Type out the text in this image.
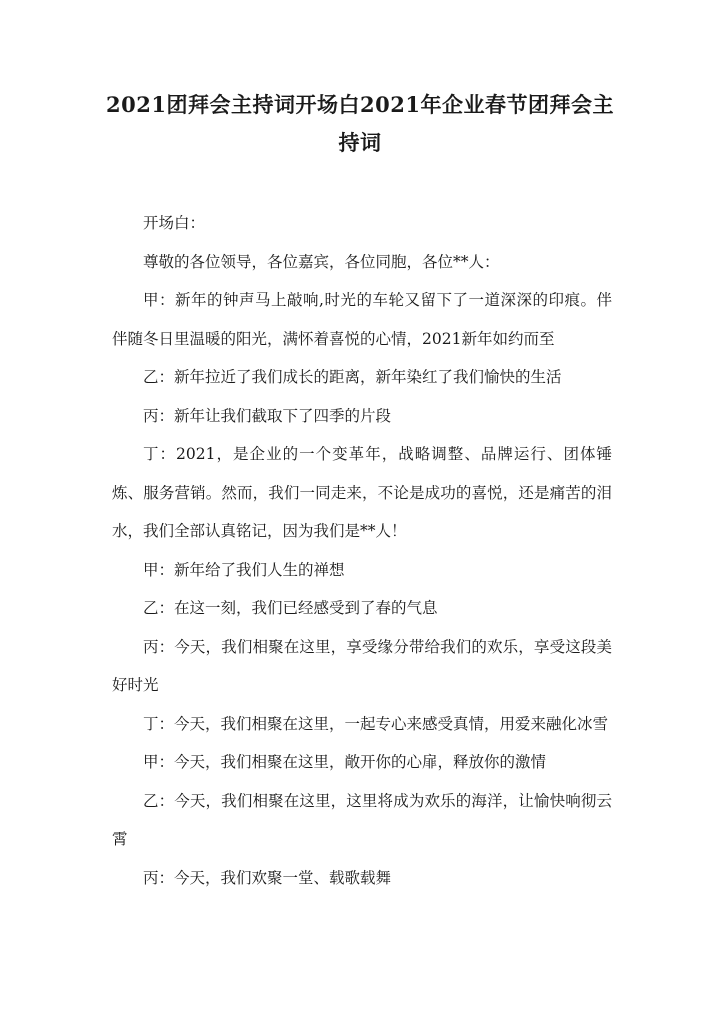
2021团拜会主持词开场白2021年企业春节团拜会主持词

开场白：

尊敬的各位领导，各位嘉宾，各位同胞，各位**人：

甲：新年的钟声马上敲响,时光的车轮又留下了一道深深的印痕。伴伴随冬日里温暖的阳光，满怀着喜悦的心情，2021新年如约而至

乙：新年拉近了我们成长的距离，新年染红了我们愉快的生活

丙：新年让我们截取下了四季的片段

丁：2021，是企业的一个变革年，战略调整、品牌运行、团体锤炼、服务营销。然而，我们一同走来，不论是成功的喜悦，还是痛苦的泪水，我们全部认真铭记，因为我们是**人！

甲：新年给了我们人生的禅想

乙：在这一刻，我们已经感受到了春的气息

丙：今天，我们相聚在这里，享受缘分带给我们的欢乐，享受这段美好时光

丁：今天，我们相聚在这里，一起专心来感受真情，用爱来融化冰雪

甲：今天，我们相聚在这里，敞开你的心扉，释放你的激情

乙：今天，我们相聚在这里，这里将成为欢乐的海洋，让愉快响彻云霄

丙：今天，我们欢聚一堂、载歌载舞
